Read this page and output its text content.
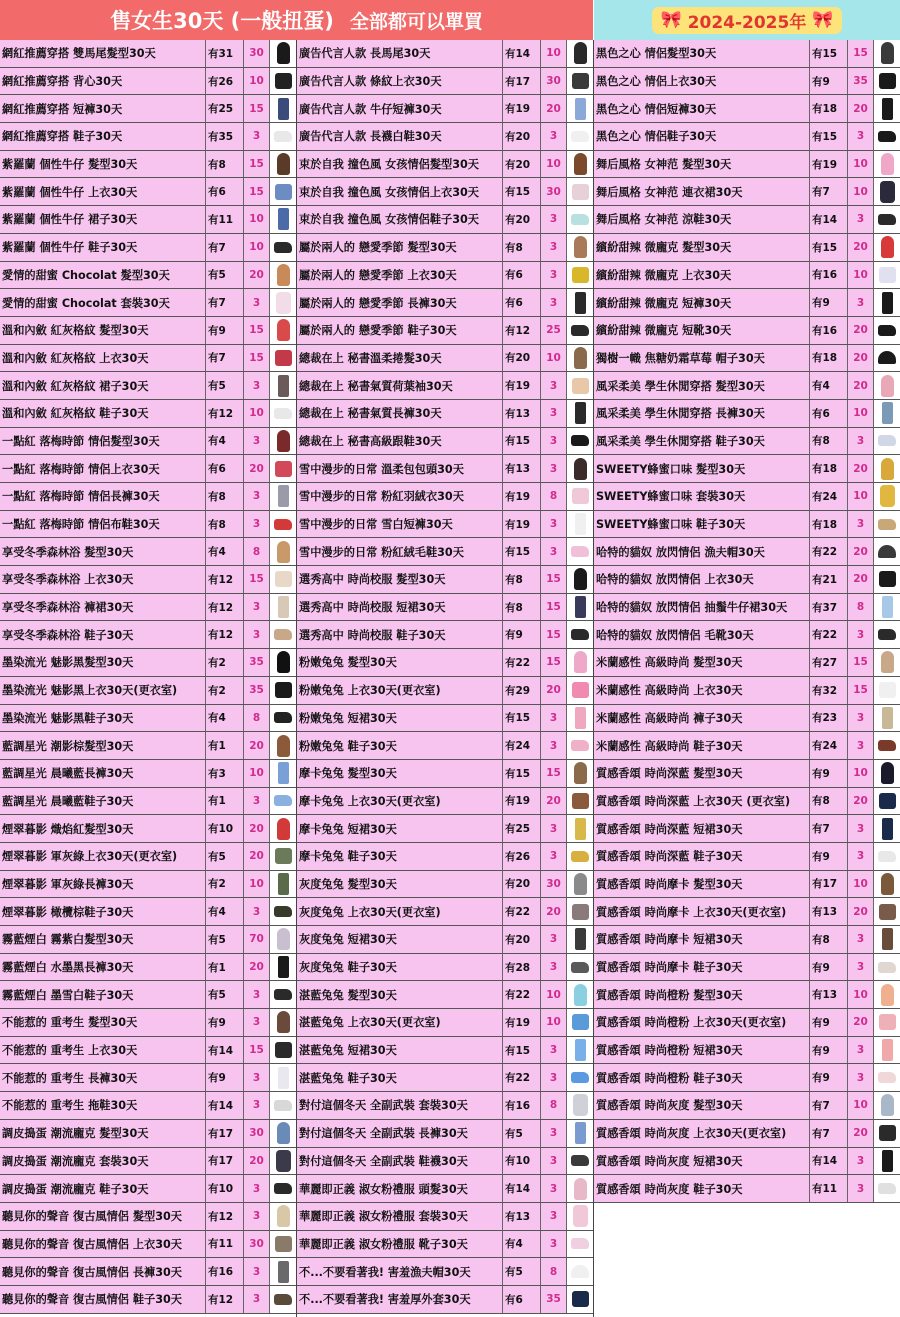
售女生30天 (一般扭蛋) 全部都可以單買	🎀 2024-2025年 🎀
網紅推薦穿搭 雙馬尾髮型30天	有31	30
網紅推薦穿搭 背心30天	有26	10
網紅推薦穿搭 短褲30天	有25	15
網紅推薦穿搭 鞋子30天	有35	3
紫羅蘭 個性牛仔 髮型30天	有8	15
紫羅蘭 個性牛仔 上衣30天	有6	15
紫羅蘭 個性牛仔 裙子30天	有11	10
紫羅蘭 個性牛仔 鞋子30天	有7	10
愛情的甜蜜 Chocolat 髮型30天	有5	20
愛情的甜蜜 Chocolat 套裝30天	有7	3
溫和內斂 紅灰格紋 髮型30天	有9	15
溫和內斂 紅灰格紋 上衣30天	有7	15
溫和內斂 紅灰格紋 裙子30天	有5	3
溫和內斂 紅灰格紋 鞋子30天	有12	10
一點紅 落梅時節 情侶髮型30天	有4	3
一點紅 落梅時節 情侶上衣30天	有6	20
一點紅 落梅時節 情侶長褲30天	有8	3
一點紅 落梅時節 情侶布鞋30天	有8	3
享受冬季森林浴 髮型30天	有4	8
享受冬季森林浴 上衣30天	有12	15
享受冬季森林浴 褲裙30天	有12	3
享受冬季森林浴 鞋子30天	有12	3
墨染流光 魅影黑髮型30天	有2	35
墨染流光 魅影黑上衣30天(更衣室)	有2	35
墨染流光 魅影黑鞋子30天	有4	8
藍調星光 潮影棕髮型30天	有1	20
藍調星光 晨曦藍長褲30天	有3	10
藍調星光 晨曦藍鞋子30天	有1	3
煙翠暮影 熾焰紅髮型30天	有10	20
煙翠暮影 軍灰綠上衣30天(更衣室)	有5	20
煙翠暮影 軍灰綠長褲30天	有2	10
煙翠暮影 橄欖棕鞋子30天	有4	3
霧藍煙白 霧紫白髮型30天	有5	70
霧藍煙白 水墨黑長褲30天	有1	20
霧藍煙白 墨雪白鞋子30天	有5	3
不能惹的 重考生 髮型30天	有9	3
不能惹的 重考生 上衣30天	有14	15
不能惹的 重考生 長褲30天	有9	3
不能惹的 重考生 拖鞋30天	有14	3
調皮搗蛋 潮流龐克 髮型30天	有17	30
調皮搗蛋 潮流龐克 套裝30天	有17	20
調皮搗蛋 潮流龐克 鞋子30天	有10	3
聽見你的聲音 復古風情侶 髮型30天	有12	3
聽見你的聲音 復古風情侶 上衣30天	有11	30
聽見你的聲音 復古風情侶 長褲30天	有16	3
聽見你的聲音 復古風情侶 鞋子30天	有12	3
廣告代言人款 長馬尾30天	有14	10
廣告代言人款 條紋上衣30天	有17	30
廣告代言人款 牛仔短褲30天	有19	20
廣告代言人款 長襪白鞋30天	有20	3
束於自我 撞色風 女孩情侶髮型30天	有20	10
束於自我 撞色風 女孩情侶上衣30天	有15	30
束於自我 撞色風 女孩情侶鞋子30天	有20	3
屬於兩人的 戀愛季節 髮型30天	有8	3
屬於兩人的 戀愛季節 上衣30天	有6	3
屬於兩人的 戀愛季節 長褲30天	有6	3
屬於兩人的 戀愛季節 鞋子30天	有12	25
總裁在上 秘書溫柔捲髮30天	有20	10
總裁在上 秘書氣質荷葉袖30天	有19	3
總裁在上 秘書氣質長褲30天	有13	3
總裁在上 秘書高級跟鞋30天	有15	3
雪中漫步的日常 溫柔包包頭30天	有13	3
雪中漫步的日常 粉紅羽絨衣30天	有19	8
雪中漫步的日常 雪白短褲30天	有19	3
雪中漫步的日常 粉紅絨毛鞋30天	有15	3
選秀高中 時尚校服 髮型30天	有8	15
選秀高中 時尚校服 短裙30天	有8	15
選秀高中 時尚校服 鞋子30天	有9	15
粉嫩兔兔 髮型30天	有22	15
粉嫩兔兔 上衣30天(更衣室)	有29	20
粉嫩兔兔 短裙30天	有15	3
粉嫩兔兔 鞋子30天	有24	3
摩卡兔兔 髮型30天	有15	15
摩卡兔兔 上衣30天(更衣室)	有19	20
摩卡兔兔 短裙30天	有25	3
摩卡兔兔 鞋子30天	有26	3
灰度兔兔 髮型30天	有20	30
灰度兔兔 上衣30天(更衣室)	有22	20
灰度兔兔 短裙30天	有20	3
灰度兔兔 鞋子30天	有28	3
湛藍兔兔 髮型30天	有22	10
湛藍兔兔 上衣30天(更衣室)	有19	10
湛藍兔兔 短裙30天	有15	3
湛藍兔兔 鞋子30天	有22	3
對付這個冬天 全副武裝 套裝30天	有16	8
對付這個冬天 全副武裝 長褲30天	有5	3
對付這個冬天 全副武裝 鞋襪30天	有10	3
華麗即正義 淑女粉禮服 頭髮30天	有14	3
華麗即正義 淑女粉禮服 套裝30天	有13	3
華麗即正義 淑女粉禮服 靴子30天	有4	3
不...不要看著我! 害羞漁夫帽30天	有5	8
不...不要看著我! 害羞厚外套30天	有6	35
黑色之心 情侶髮型30天	有15	15
黑色之心 情侶上衣30天	有9	35
黑色之心 情侶短褲30天	有18	20
黑色之心 情侶鞋子30天	有15	3
舞后風格 女神范 髮型30天	有19	10
舞后風格 女神范 連衣裙30天	有7	10
舞后風格 女神范 涼鞋30天	有14	3
繽紛甜辣 微龐克 髮型30天	有15	20
繽紛甜辣 微龐克 上衣30天	有16	10
繽紛甜辣 微龐克 短褲30天	有9	3
繽紛甜辣 微龐克 短靴30天	有16	20
獨樹一幟 焦糖奶霜草莓 帽子30天	有18	20
風采柔美 學生休閒穿搭 髮型30天	有4	20
風采柔美 學生休閒穿搭 長褲30天	有6	10
風采柔美 學生休閒穿搭 鞋子30天	有8	3
SWEETY蜂蜜口味 髮型30天	有18	20
SWEETY蜂蜜口味 套裝30天	有24	10
SWEETY蜂蜜口味 鞋子30天	有18	3
哈特的貓奴 放閃情侶 漁夫帽30天	有22	20
哈特的貓奴 放閃情侶 上衣30天	有21	20
哈特的貓奴 放閃情侶 抽鬚牛仔裙30天	有37	8
哈特的貓奴 放閃情侶 毛靴30天	有22	3
米蘭感性 高級時尚 髮型30天	有27	15
米蘭感性 高級時尚 上衣30天	有32	15
米蘭感性 高級時尚 褲子30天	有23	3
米蘭感性 高級時尚 鞋子30天	有24	3
質感香頌 時尚深藍 髮型30天	有9	10
質感香頌 時尚深藍 上衣30天 (更衣室)	有8	20
質感香頌 時尚深藍 短裙30天	有7	3
質感香頌 時尚深藍 鞋子30天	有9	3
質感香頌 時尚摩卡 髮型30天	有17	10
質感香頌 時尚摩卡 上衣30天(更衣室)	有13	20
質感香頌 時尚摩卡 短裙30天	有8	3
質感香頌 時尚摩卡 鞋子30天	有9	3
質感香頌 時尚橙粉 髮型30天	有13	10
質感香頌 時尚橙粉 上衣30天(更衣室)	有9	20
質感香頌 時尚橙粉 短裙30天	有9	3
質感香頌 時尚橙粉 鞋子30天	有9	3
質感香頌 時尚灰度 髮型30天	有7	10
質感香頌 時尚灰度 上衣30天(更衣室)	有7	20
質感香頌 時尚灰度 短裙30天	有14	3
質感香頌 時尚灰度 鞋子30天	有11	3
